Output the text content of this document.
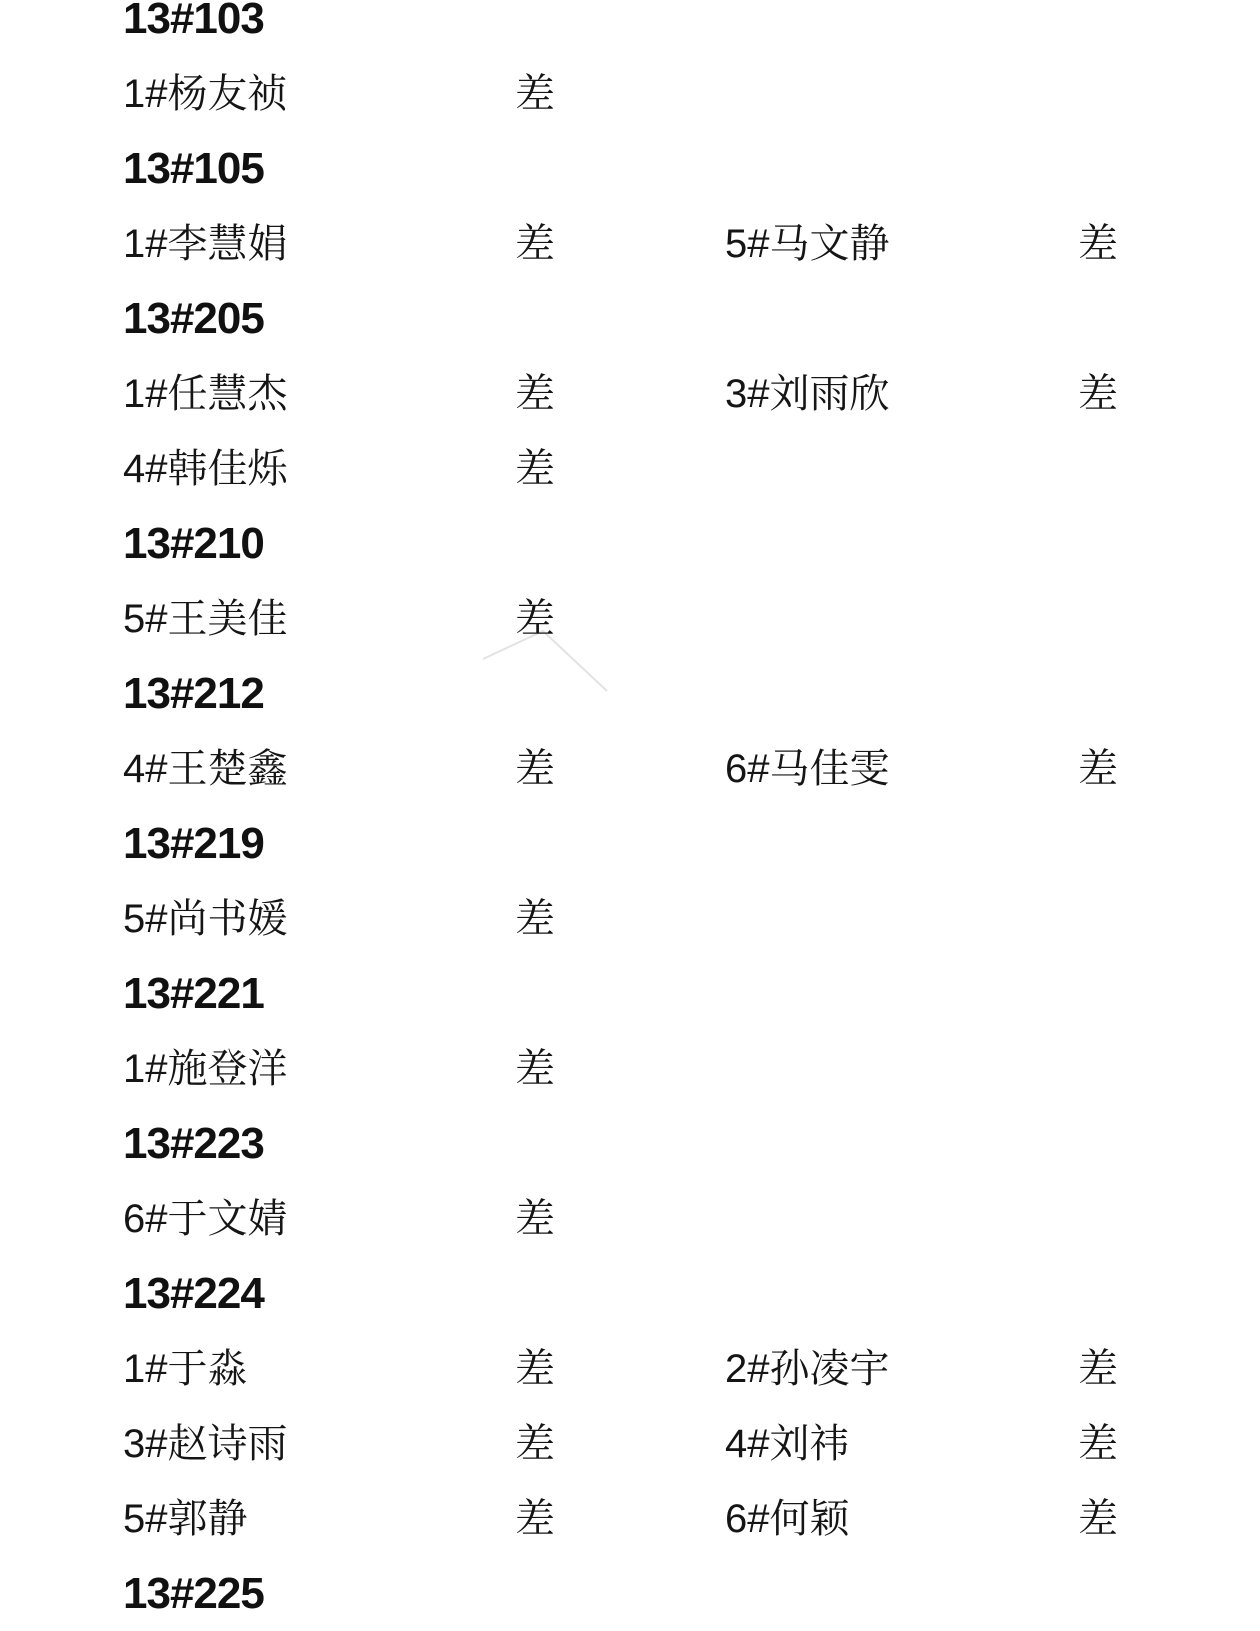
13#103
1#杨友祯	差
13#105
1#李慧娟	差	5#马文静	差
13#205
1#任慧杰	差	3#刘雨欣	差
4#韩佳烁	差
13#210
5#王美佳	差
13#212
4#王楚鑫	差	6#马佳雯	差
13#219
5#尚书媛	差
13#221
1#施登洋	差
13#223
6#于文婧	差
13#224
1#于淼	差	2#孙凌宇	差
3#赵诗雨	差	4#刘祎	差
5#郭静	差	6#何颖	差
13#225
